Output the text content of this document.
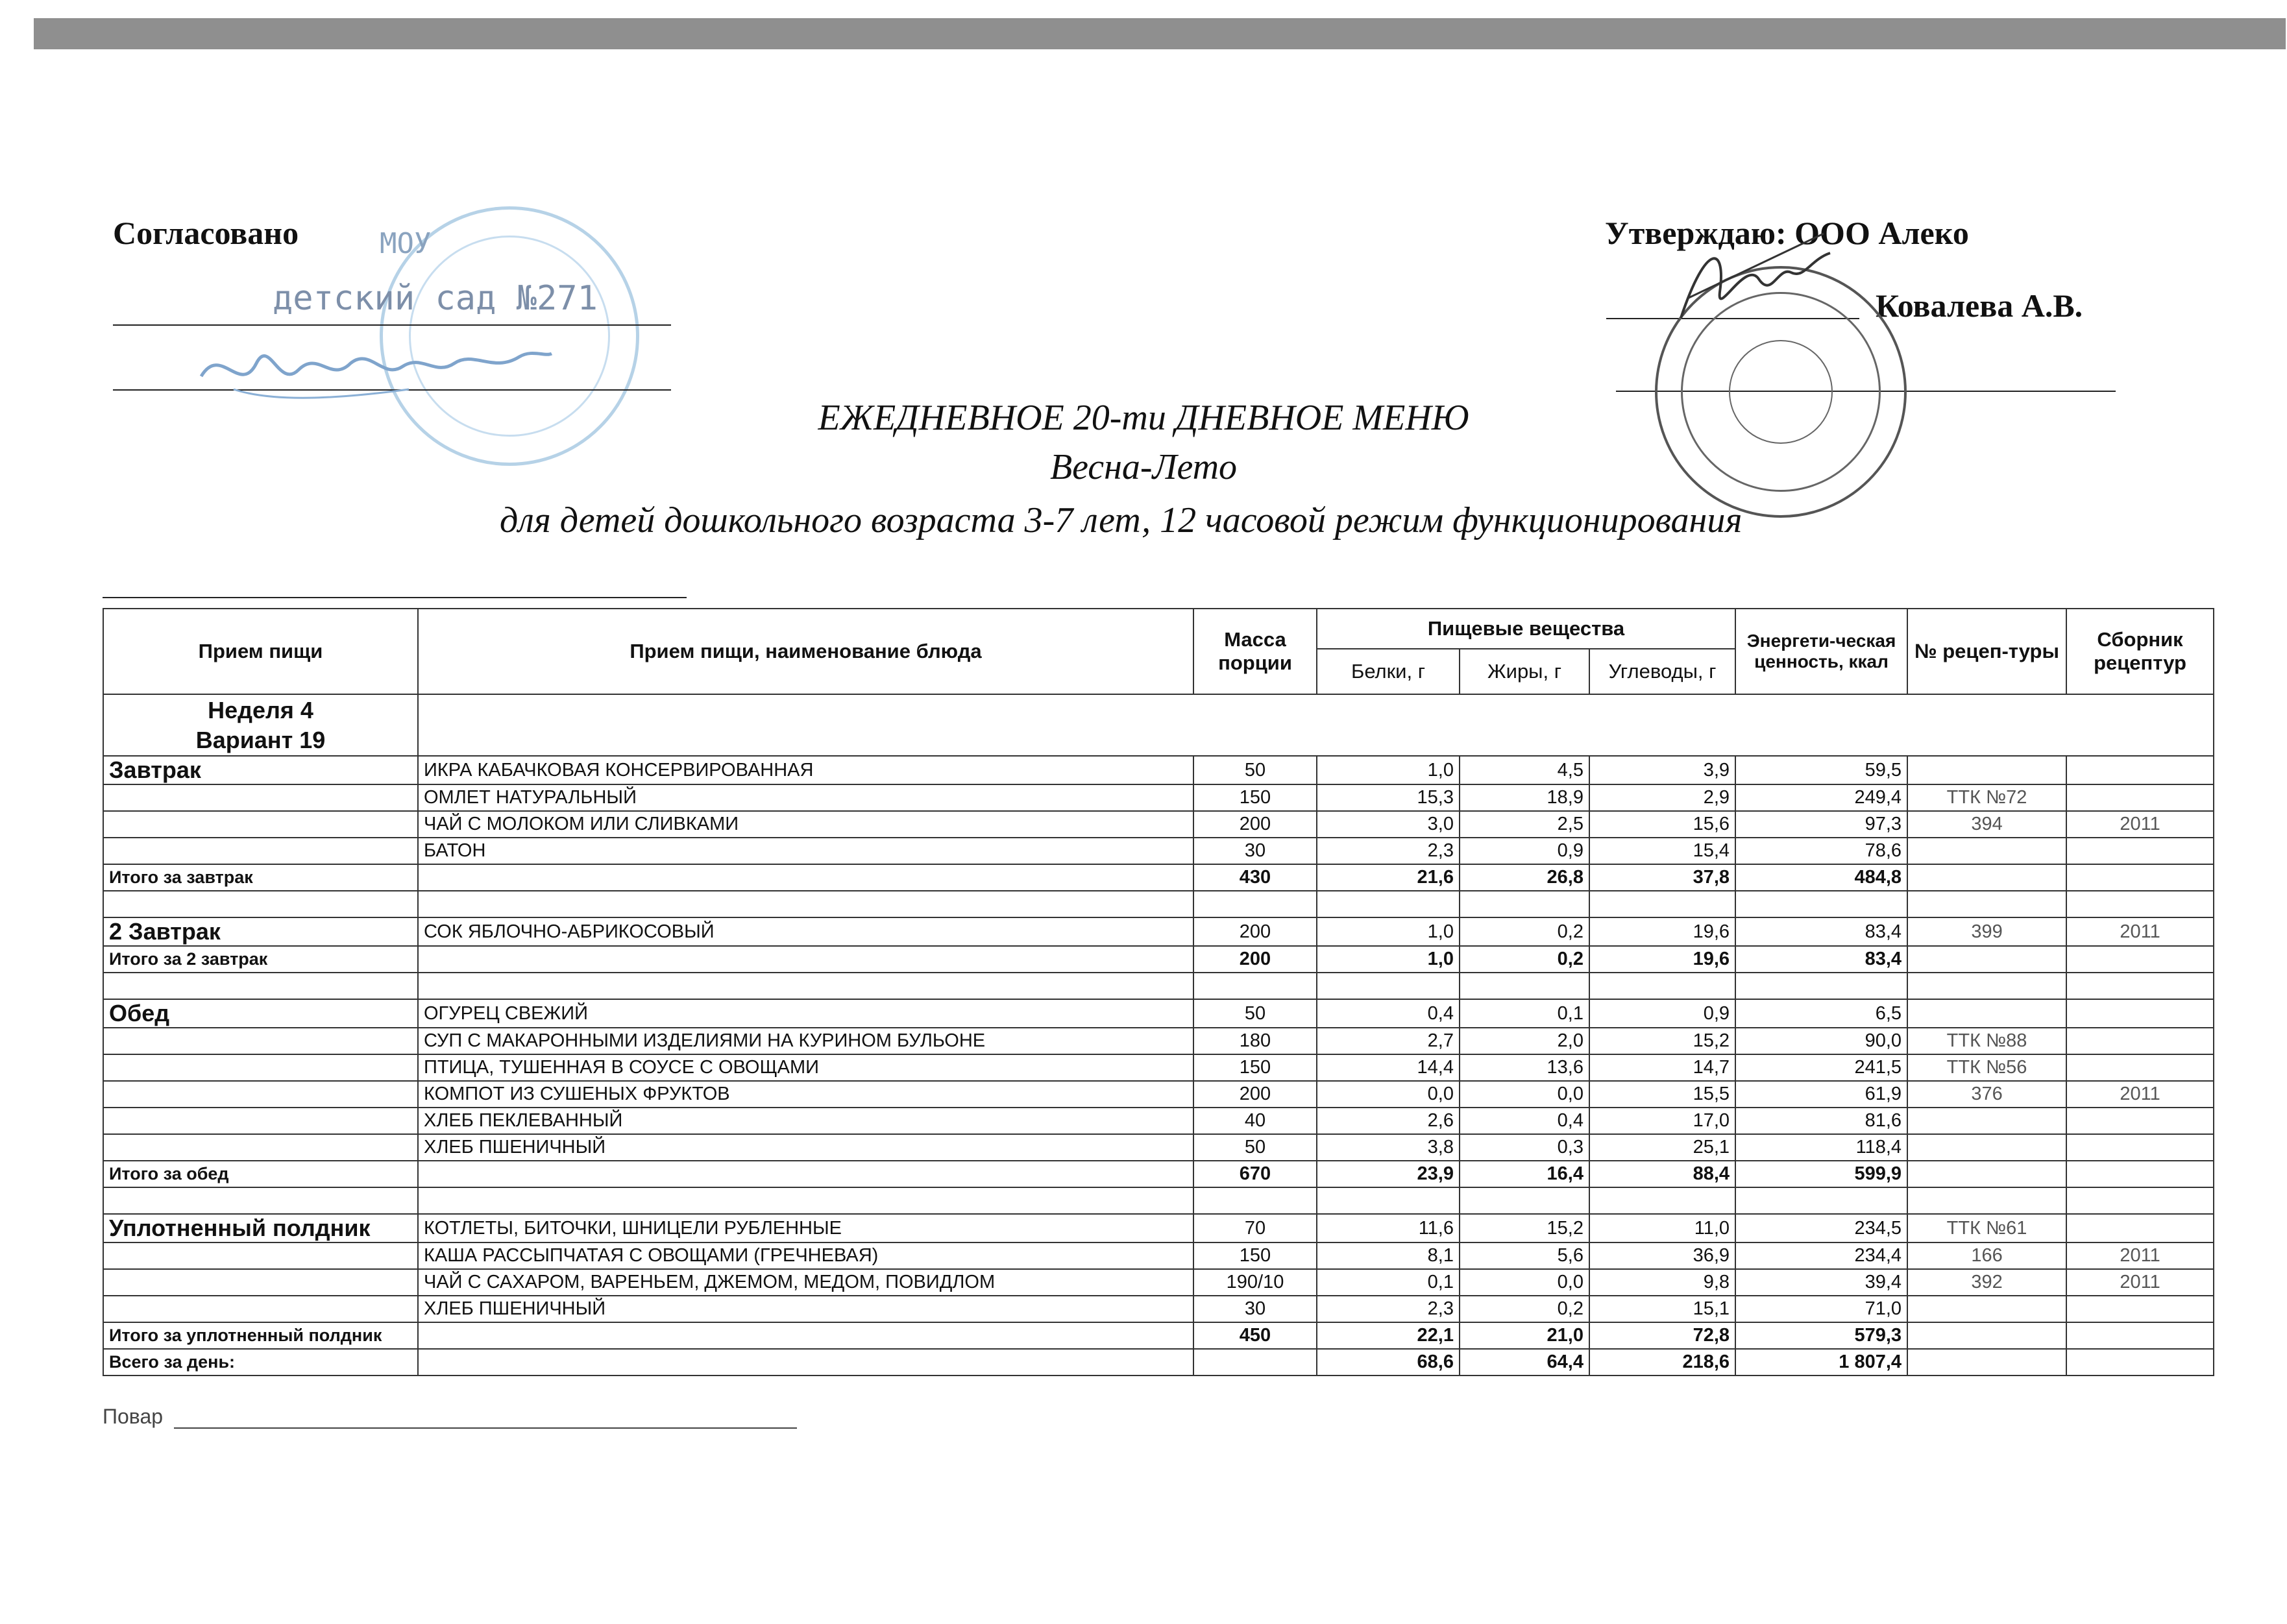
Согласовано	МОУ
детский сад №271
Утверждаю: ООО Алеко
Ковалева А.В.
ЕЖЕДНЕВНОЕ 20-ти ДНЕВНОЕ МЕНЮ
Весна-Лето
для детей дошкольного возраста 3-7 лет, 12 часовой режим функционирования
Прием пищи	Прием пищи, наименование блюда	Масса порции	Пищевые вещества			Энергети-ческая ценность, ккал	№ рецеп-туры	Сборник рецептур
			Белки, г	Жиры, г	Углеводы, г			

Неделя 4
Вариант 19								

Завтрак	ИКРА КАБАЧКОВАЯ КОНСЕРВИРОВАННАЯ	50	1,0	4,5	3,9	59,5		
	ОМЛЕТ НАТУРАЛЬНЫЙ	150	15,3	18,9	2,9	249,4	ТТК №72	
	ЧАЙ С МОЛОКОМ ИЛИ СЛИВКАМИ	200	3,0	2,5	15,6	97,3	394	2011
	БАТОН	30	2,3	0,9	15,4	78,6		
Итого за завтрак		430	21,6	26,8	37,8	484,8		

2 Завтрак	СОК ЯБЛОЧНО-АБРИКОСОВЫЙ	200	1,0	0,2	19,6	83,4	399	2011
Итого за 2 завтрак		200	1,0	0,2	19,6	83,4		

Обед	ОГУРЕЦ СВЕЖИЙ	50	0,4	0,1	0,9	6,5		
	СУП С МАКАРОННЫМИ ИЗДЕЛИЯМИ НА КУРИНОМ БУЛЬОНЕ	180	2,7	2,0	15,2	90,0	ТТК №88	
	ПТИЦА, ТУШЕННАЯ В СОУСЕ С ОВОЩАМИ	150	14,4	13,6	14,7	241,5	ТТК №56	
	КОМПОТ ИЗ СУШЕНЫХ ФРУКТОВ	200	0,0	0,0	15,5	61,9	376	2011
	ХЛЕБ ПЕКЛЕВАННЫЙ	40	2,6	0,4	17,0	81,6		
	ХЛЕБ ПШЕНИЧНЫЙ	50	3,8	0,3	25,1	118,4		
Итого за обед		670	23,9	16,4	88,4	599,9		

Уплотненный полдник	КОТЛЕТЫ, БИТОЧКИ, ШНИЦЕЛИ РУБЛЕННЫЕ	70	11,6	15,2	11,0	234,5	ТТК №61	
	КАША РАССЫПЧАТАЯ С ОВОЩАМИ (ГРЕЧНЕВАЯ)	150	8,1	5,6	36,9	234,4	166	2011
	ЧАЙ С САХАРОМ, ВАРЕНЬЕМ, ДЖЕМОМ, МЕДОМ, ПОВИДЛОМ	190/10	0,1	0,0	9,8	39,4	392	2011
	ХЛЕБ ПШЕНИЧНЫЙ	30	2,3	0,2	15,1	71,0		
Итого за уплотненный полдник		450	22,1	21,0	72,8	579,3		
Всего за день:			68,6	64,4	218,6	1 807,4		
Повар
